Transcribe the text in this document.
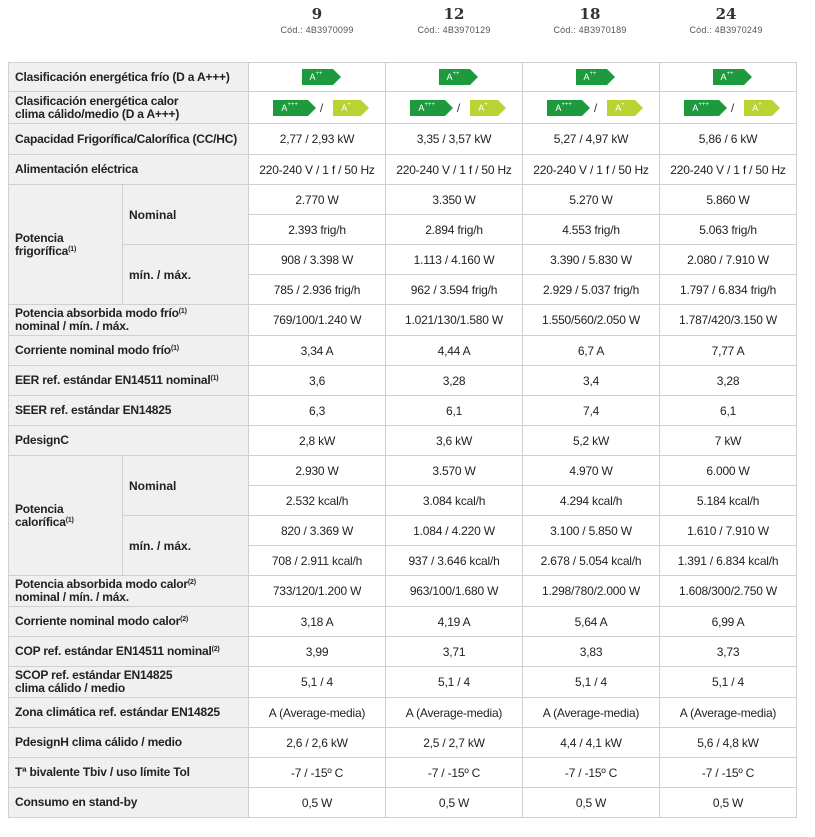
9
Cód.: 4B3970099
12
Cód.: 4B3970129
18
Cód.: 4B3970189
24
Cód.: 4B3970249
Clasificación energética frío (D a A+++)		A++	A++	A++	A++
Clasificación energética calor
clima cálido/medio (D a A+++)		A+++ / A+	A+++ / A+	A+++ / A+	A+++ / A+
Capacidad Frigorífica/Calorífica (CC/HC)		2,77 / 2,93 kW	3,35 / 3,57 kW	5,27 / 4,97 kW	5,86 / 6 kW
Alimentación eléctrica		220-240 V / 1 f / 50 Hz	220-240 V / 1 f / 50 Hz	220-240 V / 1 f / 50 Hz	220-240 V / 1 f / 50 Hz
Potencia
frigorífica$^{(1)}$	Nominal	2.770 W	3.350 W	5.270 W	5.860 W
		2.393 frig/h	2.894 frig/h	4.553 frig/h	5.063 frig/h
	mín. / máx.	908 / 3.398 W	1.113 / 4.160 W	3.390 / 5.830 W	2.080 / 7.910 W
		785 / 2.936 frig/h	962 / 3.594 frig/h	2.929 / 5.037 frig/h	1.797 / 6.834 frig/h
Potencia absorbida modo frío$^{(1)}$
nominal / mín. / máx.		769/100/1.240 W	1.021/130/1.580 W	1.550/560/2.050 W	1.787/420/3.150 W
Corriente nominal modo frío$^{(1)}$		3,34 A	4,44 A	6,7 A	7,77 A
EER ref. estándar EN14511 nominal$^{(1)}$		3,6	3,28	3,4	3,28
SEER ref. estándar EN14825		6,3	6,1	7,4	6,1
PdesignC		2,8 kW	3,6 kW	5,2 kW	7 kW
Potencia
calorífica$^{(1)}$	Nominal	2.930 W	3.570 W	4.970 W	6.000 W
		2.532 kcal/h	3.084 kcal/h	4.294 kcal/h	5.184 kcal/h
	mín. / máx.	820 / 3.369 W	1.084 / 4.220 W	3.100 / 5.850 W	1.610 / 7.910 W
		708 / 2.911 kcal/h	937 / 3.646 kcal/h	2.678 / 5.054 kcal/h	1.391 / 6.834 kcal/h
Potencia absorbida modo calor$^{(2)}$
nominal / mín. / máx.		733/120/1.200 W	963/100/1.680 W	1.298/780/2.000 W	1.608/300/2.750 W
Corriente nominal modo calor$^{(2)}$		3,18 A	4,19 A	5,64 A	6,99 A
COP ref. estándar EN14511 nominal$^{(2)}$		3,99	3,71	3,83	3,73
SCOP ref. estándar EN14825
clima cálido / medio		5,1 / 4	5,1 / 4	5,1 / 4	5,1 / 4
Zona climática ref. estándar EN14825		A (Average-media)	A (Average-media)	A (Average-media)	A (Average-media)
PdesignH clima cálido / medio		2,6 / 2,6 kW	2,5 / 2,7 kW	4,4 / 4,1 kW	5,6 / 4,8 kW
Tª bivalente Tbiv / uso límite Tol		-7 / -15º C	-7 / -15º C	-7 / -15º C	-7 / -15º C
Consumo en stand-by		0,5 W	0,5 W	0,5 W	0,5 W
